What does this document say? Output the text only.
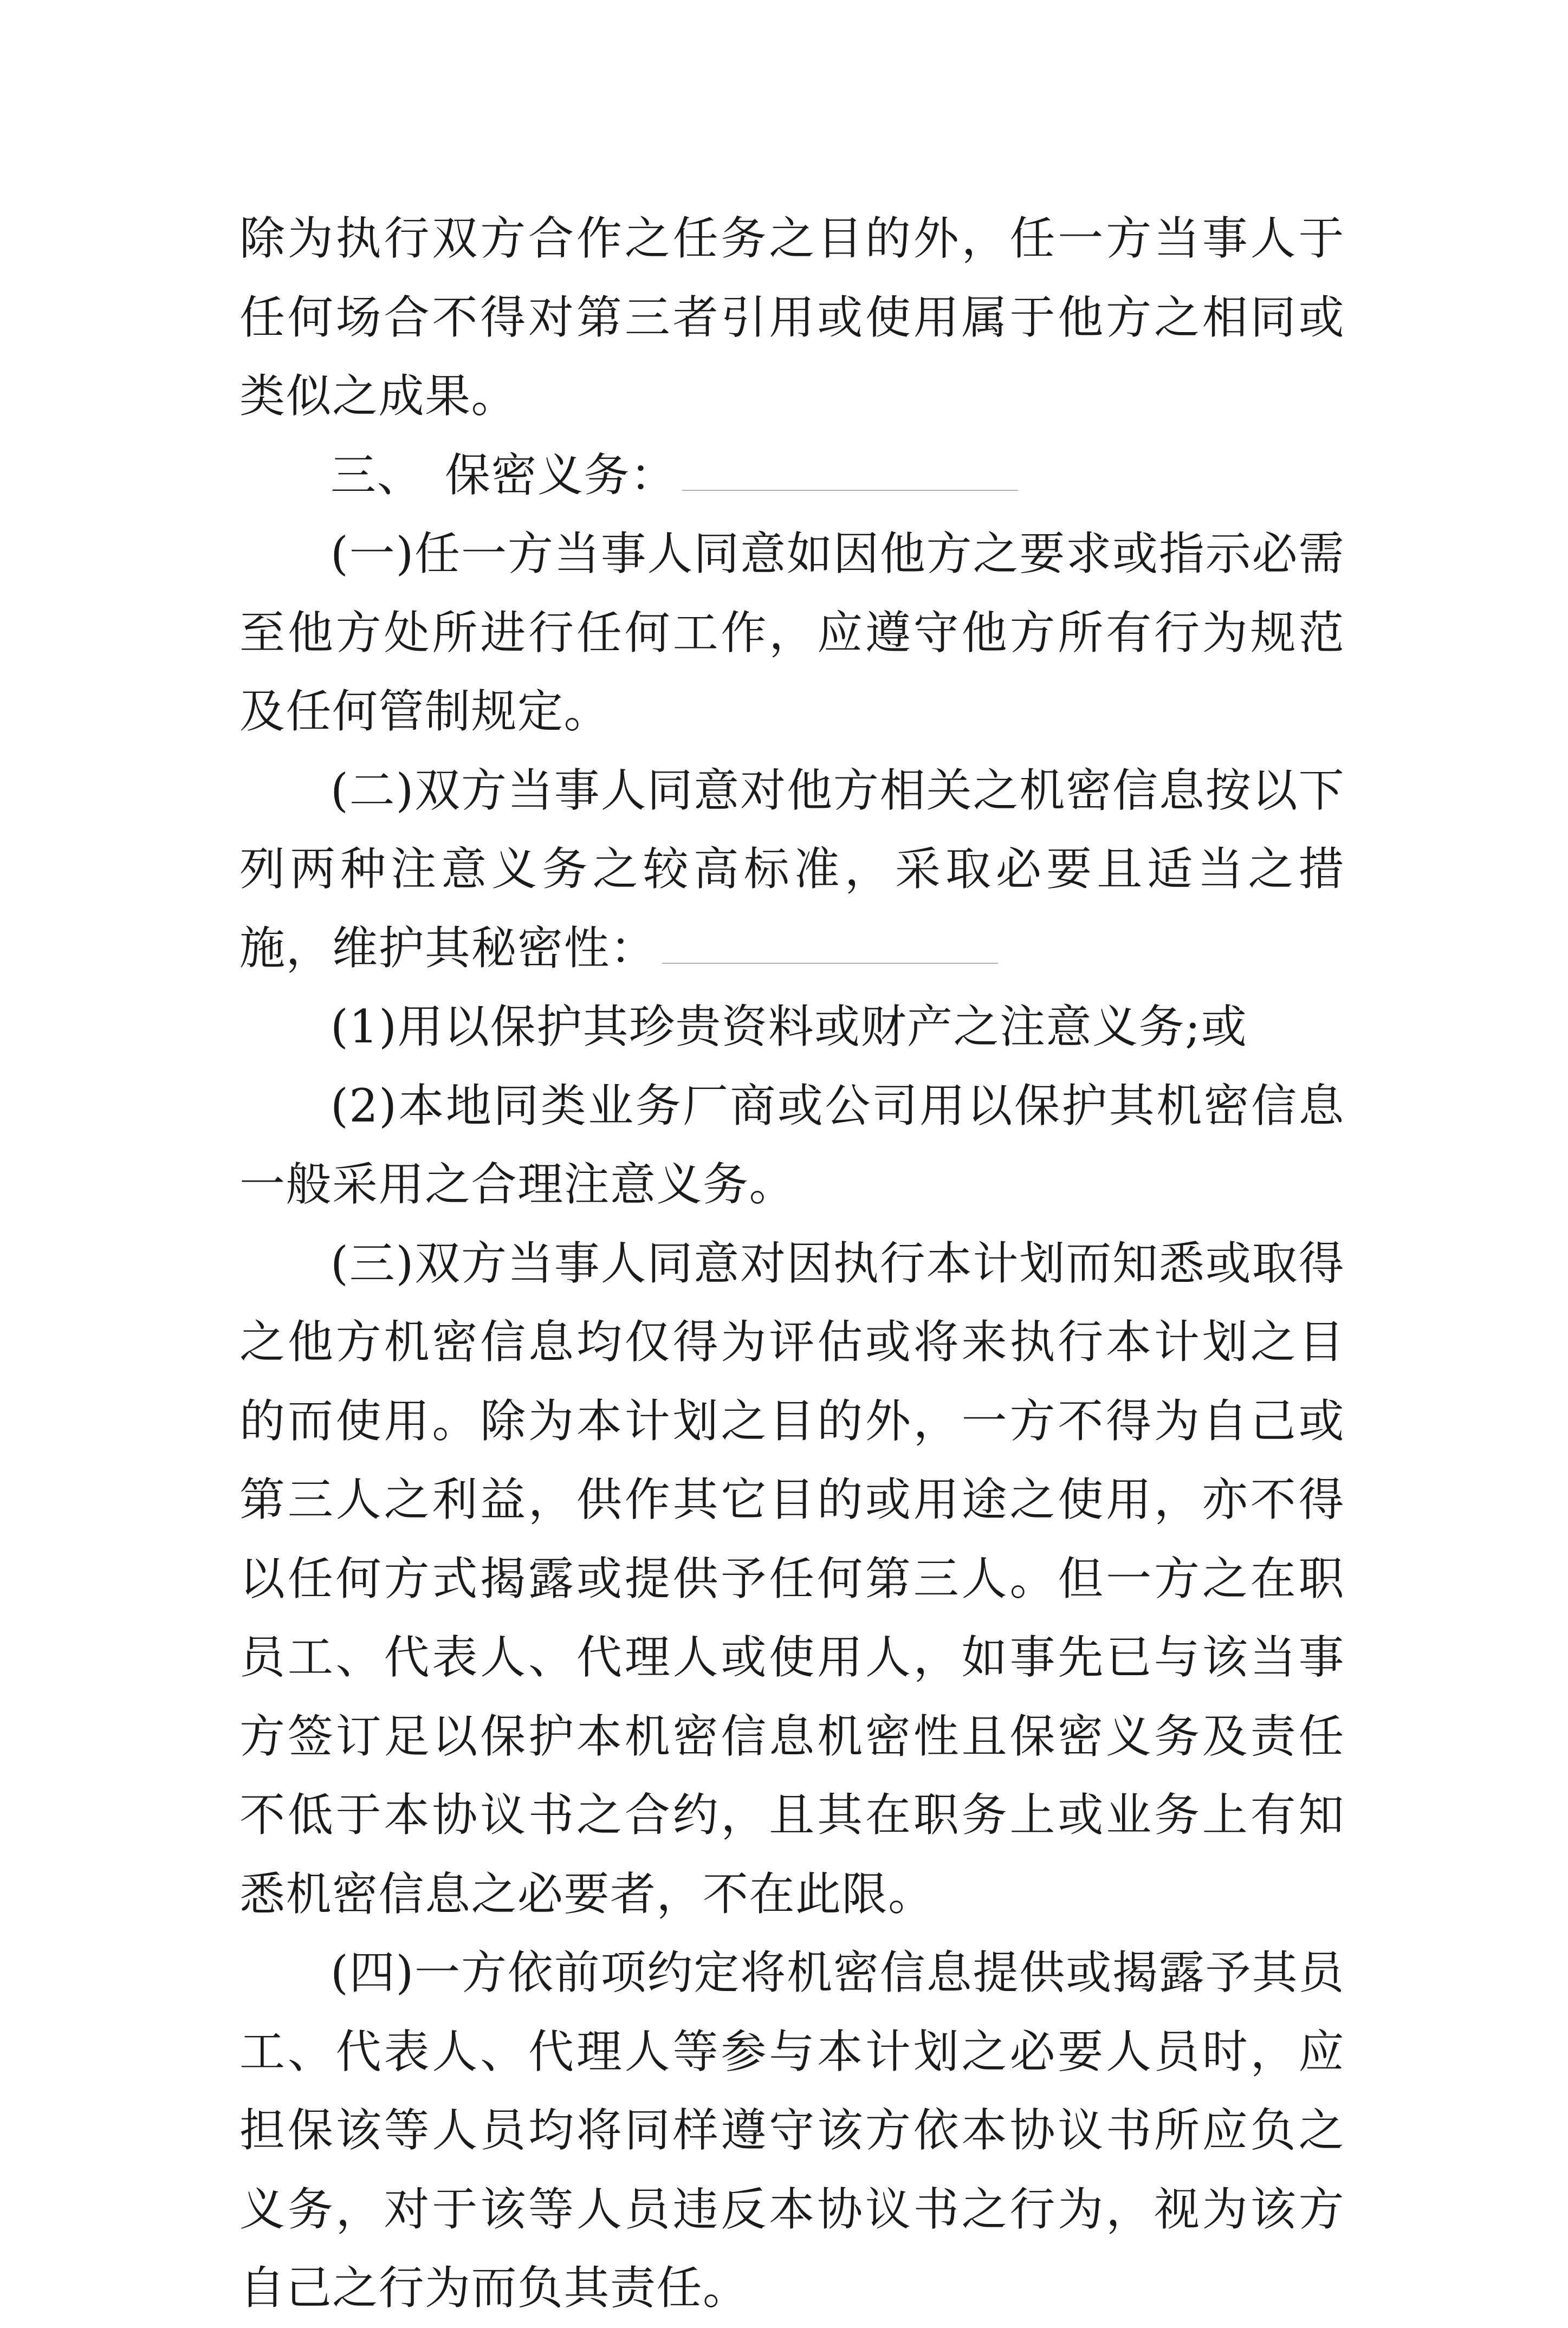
除为执行双方合作之任务之目的外，任一方当事人于任何场合不得对第三者引用或使用属于他方之相同或类似之成果。

三、 保密义务：

(一)任一方当事人同意如因他方之要求或指示必需至他方处所进行任何工作，应遵守他方所有行为规范及任何管制规定。

(二)双方当事人同意对他方相关之机密信息按以下列两种注意义务之较高标准，采取必要且适当之措施，维护其秘密性：

(1)用以保护其珍贵资料或财产之注意义务;或

(2)本地同类业务厂商或公司用以保护其机密信息一般采用之合理注意义务。

(三)双方当事人同意对因执行本计划而知悉或取得之他方机密信息均仅得为评估或将来执行本计划之目的而使用。除为本计划之目的外，一方不得为自己或第三人之利益，供作其它目的或用途之使用，亦不得以任何方式揭露或提供予任何第三人。但一方之在职员工、代表人、代理人或使用人，如事先已与该当事方签订足以保护本机密信息机密性且保密义务及责任不低于本协议书之合约，且其在职务上或业务上有知悉机密信息之必要者，不在此限。

(四)一方依前项约定将机密信息提供或揭露予其员工、代表人、代理人等参与本计划之必要人员时，应担保该等人员均将同样遵守该方依本协议书所应负之义务，对于该等人员违反本协议书之行为，视为该方自己之行为而负其责任。
